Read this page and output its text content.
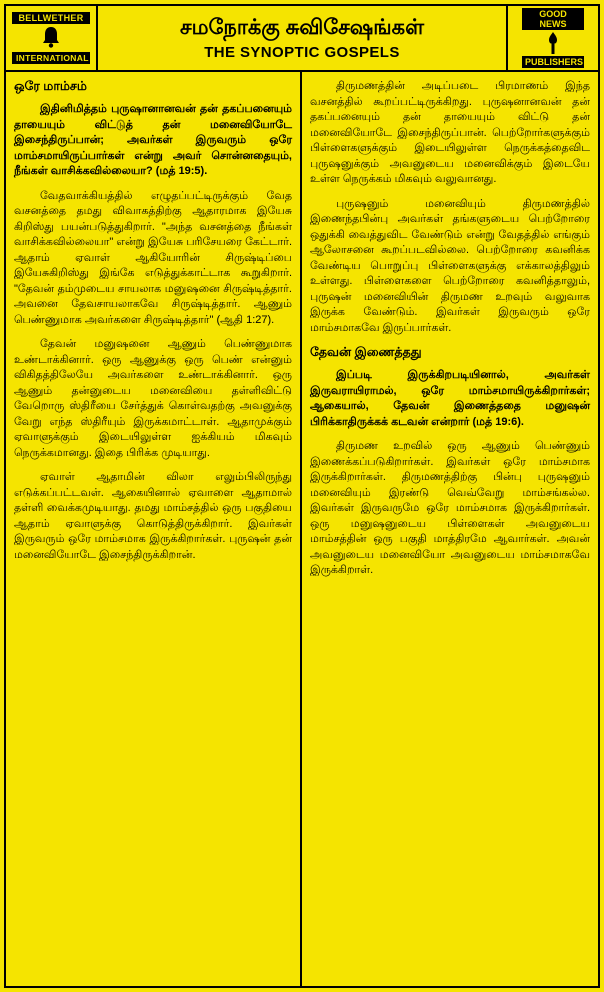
BELLWETHER
INTERNATIONAL
சமநோக்கு சுவிசேஷங்கள்
THE SYNOPTIC GOSPELS
GOOD NEWS
PUBLISHERS
ஒரே மாம்சம்

இதினிமித்தம் புருஷானானவன் தன் தகப்பனையும் தாயையும் விட்டுத் தன் மனைவியோடே இசைந்திருப்பான்; அவர்கள் இருவரும் ஒரே மாம்சமாயிருப்பார்கள் என்று அவர் சொன்னதையும், நீங்கள் வாசிக்கவில்லையா? (மத் 19:5).

வேதவாக்கியத்தில் எழுதப்பட்டிருக்கும் வேத வசனத்தை தமது விவாகத்திற்கு ஆதாரமாக இயேசு கிறிஸ்து பயன்படுத்துகிறார். "அந்த வசனத்தை நீங்கள் வாசிக்கவில்லையா" என்று இயேசு பரிசேயரை கேட்டார். ஆதாம் ஏவாள் ஆகியோரின் சிருஷ்டிப்பை இயேசுகிறிஸ்து இங்கே எடுத்துக்காட்டாக கூறுகிறார். "தேவன் தம்முடைய சாயலாக மனுஷனை சிருஷ்டித்தார். அவனை தேவசாயலாகவே சிருஷ்டித்தார். ஆணும் பெண்ணுமாக அவர்களை சிருஷ்டித்தார்" (ஆதி 1:27).

தேவன் மனுஷனை ஆணும் பெண்ணுமாக உண்டாக்கினார். ஒரு ஆணுக்கு ஒரு பெண் என்னும் விகிதத்திலேயே அவர்களை உண்டாக்கினார். ஒரு ஆணும் தன்னுடைய மனைவியை தள்ளிவிட்டு வேறொரு ஸ்திரீயை சேர்த்துக் கொள்வதற்கு அவனுக்கு வேறு எந்த ஸ்திரீயும் இருக்கமாட்டாள். ஆதாமுக்கும் ஏவாளுக்கும் இடையிலுள்ள ஐக்கியம் மிகவும் நெருக்கமானது. இதை பிரிக்க முடியாது.

ஏவாள் ஆதாமின் விலா எலும்பிலிருந்து எடுக்கப்பட்டவள். ஆகையினால் ஏவாளை ஆதாமால் தள்ளி வைக்கமுடியாது. தமது மாம்சத்தில் ஒரு பகுதியை ஆதாம் ஏவாளுக்கு கொடுத்திருக்கிறார். இவர்கள் இருவரும் ஒரே மாம்சமாக இருக்கிறார்கள். புருஷன் தன் மனைவியோடே இசைந்திருக்கிறான்.

திருமணத்தின் அடிப்படை பிரமாணம் இந்த வசனத்தில் கூறப்பட்டிருக்கிறது. புருஷனானவன் தன் தகப்பனையும் தன் தாயையும் விட்டு தன் மனைவியோடே இசைந்திருப்பான். பெற்றோர்களுக்கும் பிள்ளைகளுக்கும் இடையிலுள்ள நெருக்கத்தைவிட புருஷனுக்கும் அவனுடைய மனைவிக்கும் இடையே உள்ள நெருக்கம் மிகவும் வலுவானது.

புருஷனும் மனைவியும் திருமணத்தில் இணைந்தபின்பு அவர்கள் தங்களுடைய பெற்றோரை ஒதுக்கி வைத்துவிட வேண்டும் என்று வேதத்தில் எங்கும் ஆலோசனை கூறப்படவில்லை. பெற்றோரை கவனிக்க வேண்டிய பொறுப்பு பிள்ளைகளுக்கு எக்காலத்திலும் உள்ளது. பிள்ளைகளை பெற்றோரை கவனித்தாலும், புருஷன் மனைவியின் திருமண உறவும் வலுவாக இருக்க வேண்டும். இவர்கள் இருவரும் ஒரே மாம்சமாகவே இருப்பார்கள்.

தேவன் இணைத்தது

இப்படி இருக்கிறபடியினால், அவர்கள் இருவராயிராமல், ஒரே மாம்சமாயிருக்கிறார்கள்; ஆகையால், தேவன் இணைத்ததை மனுஷன் பிரிக்காதிருக்கக் கடவன் என்றார் (மத் 19:6).

திருமண உறவில் ஒரு ஆணும் பெண்ணும் இணைக்கப்படுகிறார்கள். இவர்கள் ஒரே மாம்சமாக இருக்கிறார்கள். திருமணத்திற்கு பின்பு புருஷனும் மனைவியும் இரண்டு வெவ்வேறு மாம்சங்கல்ல. இவர்கள் இருவருமே ஒரே மாம்சமாக இருக்கிறார்கள். ஒரு மனுஷனுடைய பிள்ளைகள் அவனுடைய மாம்சத்தின் ஒரு பகுதி மாத்திரமே ஆவார்கள். அவன் அவனுடைய மனைவியோ அவனுடைய மாம்சமாகவே இருக்கிறாள்.
